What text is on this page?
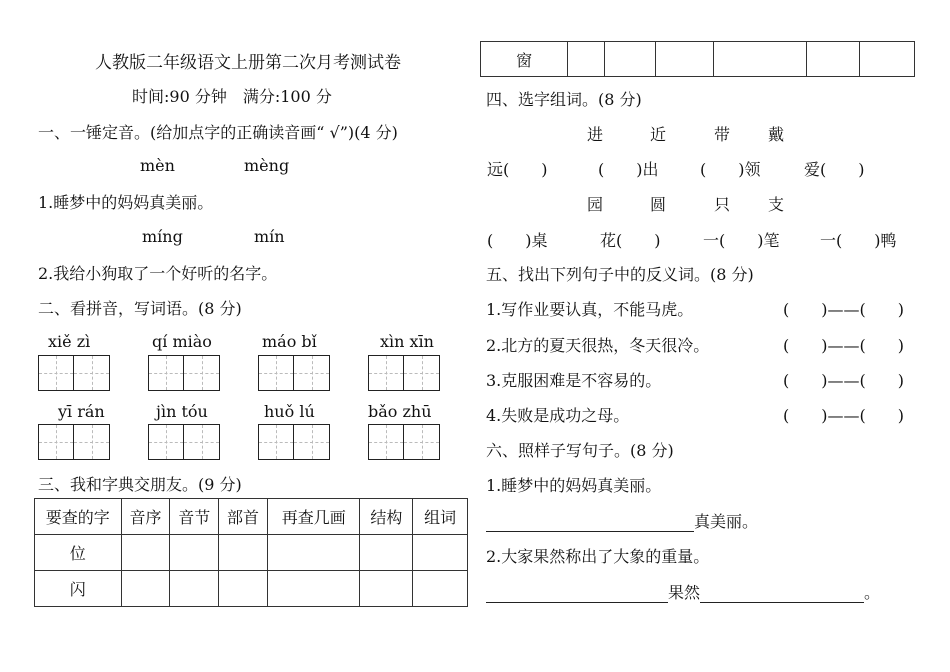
人教版二年级语文上册第二次月考测试卷
时间:90 分钟　满分:100 分
一、一锤定音。(给加点字的正确读音画“ √”)(4 分)
mèn	mèng
1.睡梦中的妈妈真美丽。
míng	mín
2.我给小狗取了一个好听的名字。
二、看拼音，写词语。(8 分)
xiě zì	qí miào	máo bǐ	xìn xīn
yī rán	jìn tóu	huǒ lú	bǎo zhū
三、我和字典交朋友。(9 分)
要查的字	音序	音节	部首	再查几画	结构	组词
位						
闪						
窗						
四、选字组词。(8 分)
进	近	带 戴
远(　　)	(　　)出	(　　)领	爱(　　)
园	圆	只 支
(　　)桌	花(　　)	一(　　)笔	一(　　)鸭
五、找出下列句子中的反义词。(8 分)
1.写作业要认真，不能马虎。	(　　)——(　　)
2.北方的夏天很热，冬天很冷。	(　　)——(　　)
3.克服困难是不容易的。	(　　)——(　　)
4.失败是成功之母。	(　　)——(　　)
六、照样子写句子。(8 分)
1.睡梦中的妈妈真美丽。
真美丽。
2.大家果然称出了大象的重量。
果然	。
